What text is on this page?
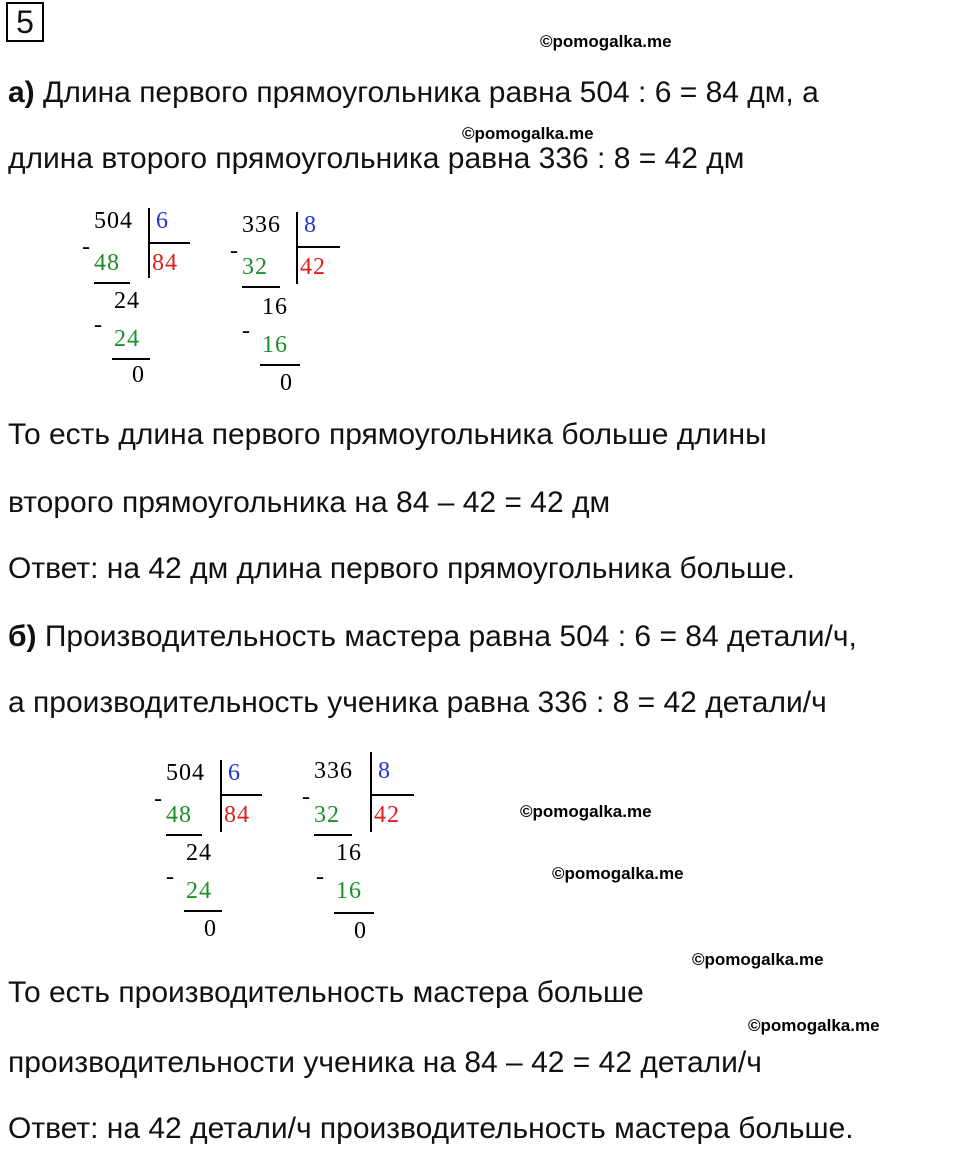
5
©pomogalka.me
©pomogalka.me
©pomogalka.me
©pomogalka.me
©pomogalka.me
©pomogalka.me
а) Длина первого прямоугольника равна 504 : 6 = 84 дм, а
длина второго прямоугольника равна 336 : 8 = 42 дм
504 6
-
48 84
24
-
24
0
336 8
-
32 42
16
-
16
0
То есть длина первого прямоугольника больше длины
второго прямоугольника на 84 – 42 = 42 дм
Ответ: на 42 дм длина первого прямоугольника больше.
б) Производительность мастера равна 504 : 6 = 84 детали/ч,
а производительность ученика равна 336 : 8 = 42 детали/ч
504 6
-
48 84
24
-
24
0
336 8
-
32 42
16
-
16
0
То есть производительность мастера больше
производительности ученика на 84 – 42 = 42 детали/ч
Ответ: на 42 детали/ч производительность мастера больше.
